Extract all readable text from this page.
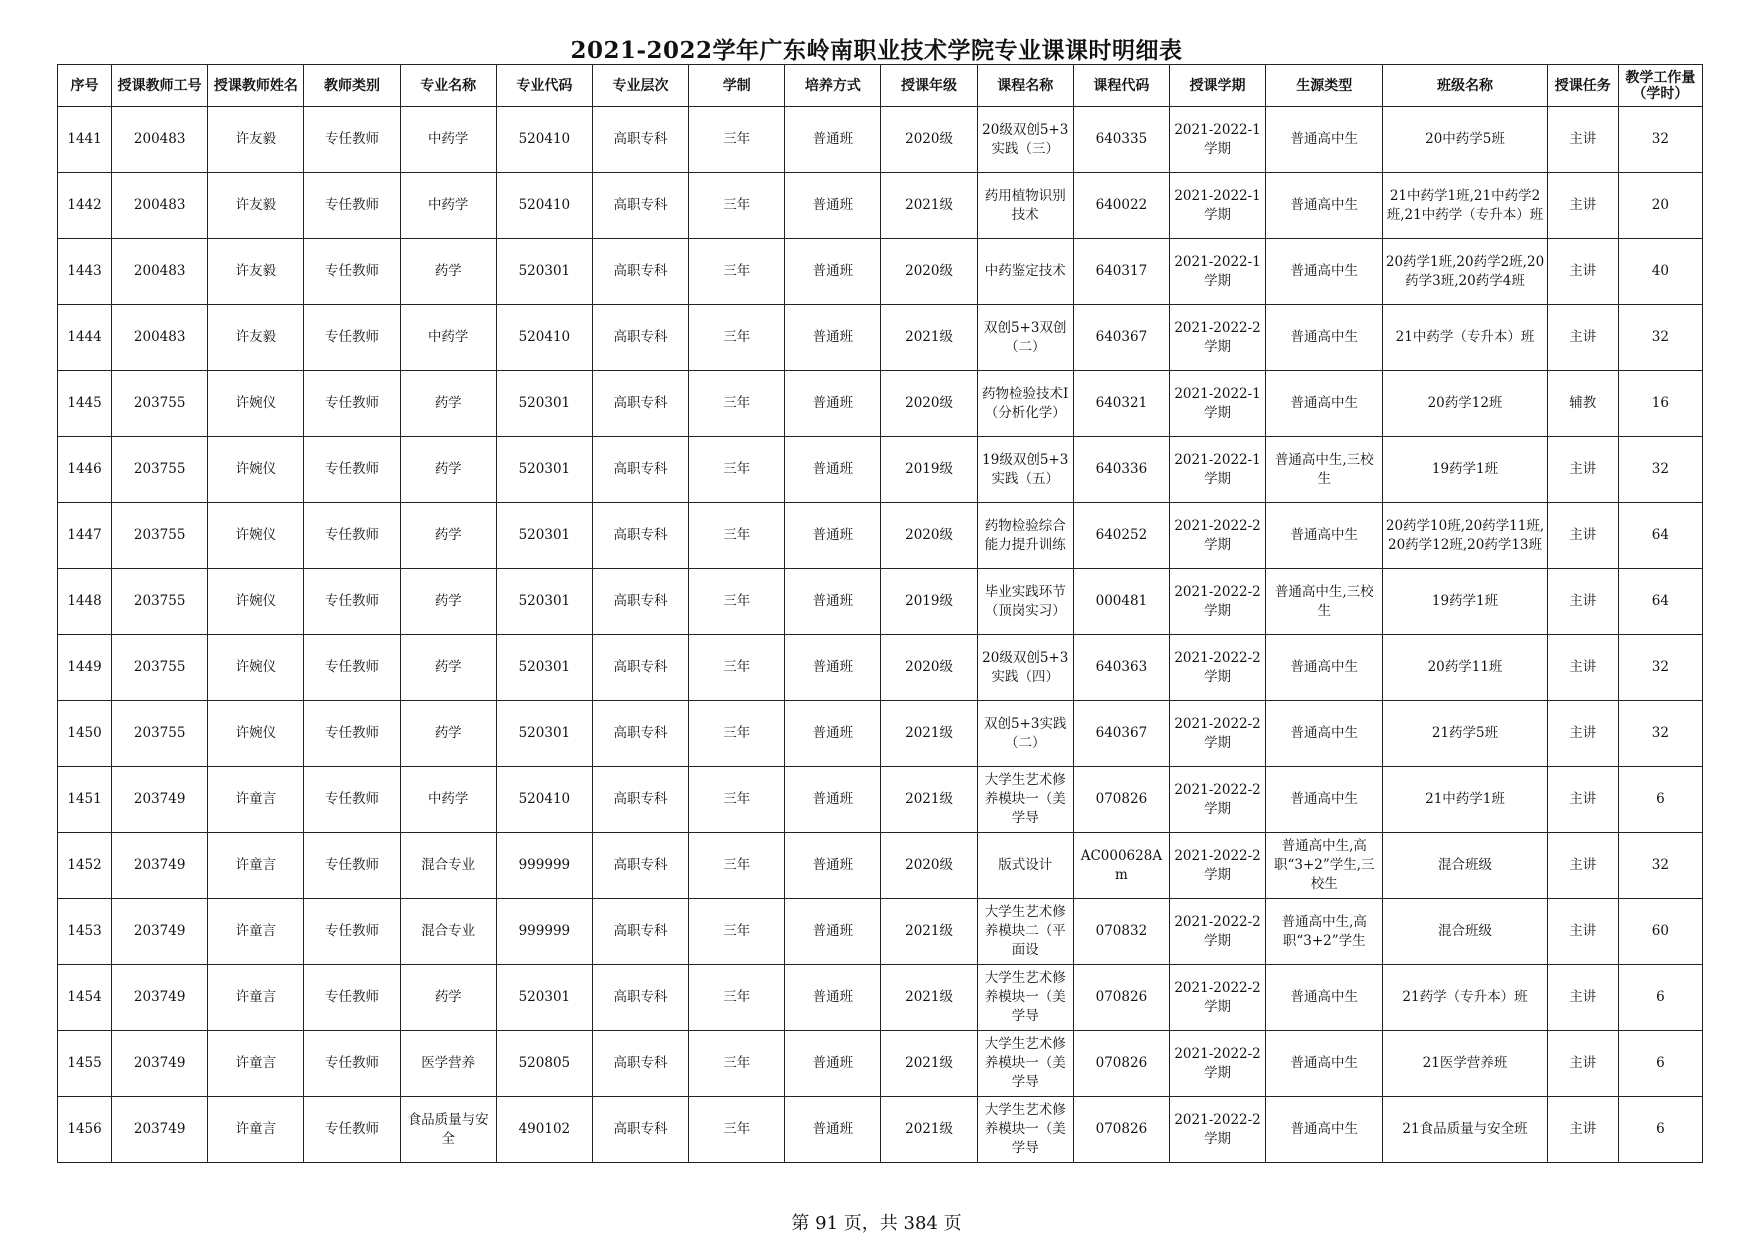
2021-2022学年广东岭南职业技术学院专业课课时明细表
序号	授课教师工号	授课教师姓名	教师类别	专业名称	专业代码	专业层次	学制	培养方式	授课年级	课程名称	课程代码	授课学期	生源类型	班级名称	授课任务	教学工作量（学时）

1441	200483	许友毅	专任教师	中药学	520410	高职专科	三年	普通班	2020级	20级双创5+3实践（三）	640335	2021-2022-1学期	普通高中生	20中药学5班	主讲	32

1442	200483	许友毅	专任教师	中药学	520410	高职专科	三年	普通班	2021级	药用植物识别技术	640022	2021-2022-1学期	普通高中生	21中药学1班,21中药学2班,21中药学（专升本）班	主讲	20

1443	200483	许友毅	专任教师	药学	520301	高职专科	三年	普通班	2020级	中药鉴定技术	640317	2021-2022-1学期	普通高中生	20药学1班,20药学2班,20药学3班,20药学4班	主讲	40

1444	200483	许友毅	专任教师	中药学	520410	高职专科	三年	普通班	2021级	双创5+3双创（二）	640367	2021-2022-2学期	普通高中生	21中药学（专升本）班	主讲	32

1445	203755	许婉仪	专任教师	药学	520301	高职专科	三年	普通班	2020级	药物检验技术I（分析化学）	640321	2021-2022-1学期	普通高中生	20药学12班	辅教	16

1446	203755	许婉仪	专任教师	药学	520301	高职专科	三年	普通班	2019级	19级双创5+3实践（五）	640336	2021-2022-1学期	普通高中生,三校生	19药学1班	主讲	32

1447	203755	许婉仪	专任教师	药学	520301	高职专科	三年	普通班	2020级	药物检验综合能力提升训练	640252	2021-2022-2学期	普通高中生	20药学10班,20药学11班,20药学12班,20药学13班	主讲	64

1448	203755	许婉仪	专任教师	药学	520301	高职专科	三年	普通班	2019级	毕业实践环节（顶岗实习）	000481	2021-2022-2学期	普通高中生,三校生	19药学1班	主讲	64

1449	203755	许婉仪	专任教师	药学	520301	高职专科	三年	普通班	2020级	20级双创5+3实践（四）	640363	2021-2022-2学期	普通高中生	20药学11班	主讲	32

1450	203755	许婉仪	专任教师	药学	520301	高职专科	三年	普通班	2021级	双创5+3实践（二）	640367	2021-2022-2学期	普通高中生	21药学5班	主讲	32

1451	203749	许童言	专任教师	中药学	520410	高职专科	三年	普通班	2021级	大学生艺术修养模块一（美学导	070826	2021-2022-2学期	普通高中生	21中药学1班	主讲	6

1452	203749	许童言	专任教师	混合专业	999999	高职专科	三年	普通班	2020级	版式设计	AC000628Am	2021-2022-2学期	普通高中生,高职“3+2”学生,三校生	混合班级	主讲	32

1453	203749	许童言	专任教师	混合专业	999999	高职专科	三年	普通班	2021级	大学生艺术修养模块二（平面设	070832	2021-2022-2学期	普通高中生,高职“3+2”学生	混合班级	主讲	60

1454	203749	许童言	专任教师	药学	520301	高职专科	三年	普通班	2021级	大学生艺术修养模块一（美学导	070826	2021-2022-2学期	普通高中生	21药学（专升本）班	主讲	6

1455	203749	许童言	专任教师	医学营养	520805	高职专科	三年	普通班	2021级	大学生艺术修养模块一（美学导	070826	2021-2022-2学期	普通高中生	21医学营养班	主讲	6

1456	203749	许童言	专任教师	食品质量与安全	490102	高职专科	三年	普通班	2021级	大学生艺术修养模块一（美学导	070826	2021-2022-2学期	普通高中生	21食品质量与安全班	主讲	6
第 91 页，共 384 页
